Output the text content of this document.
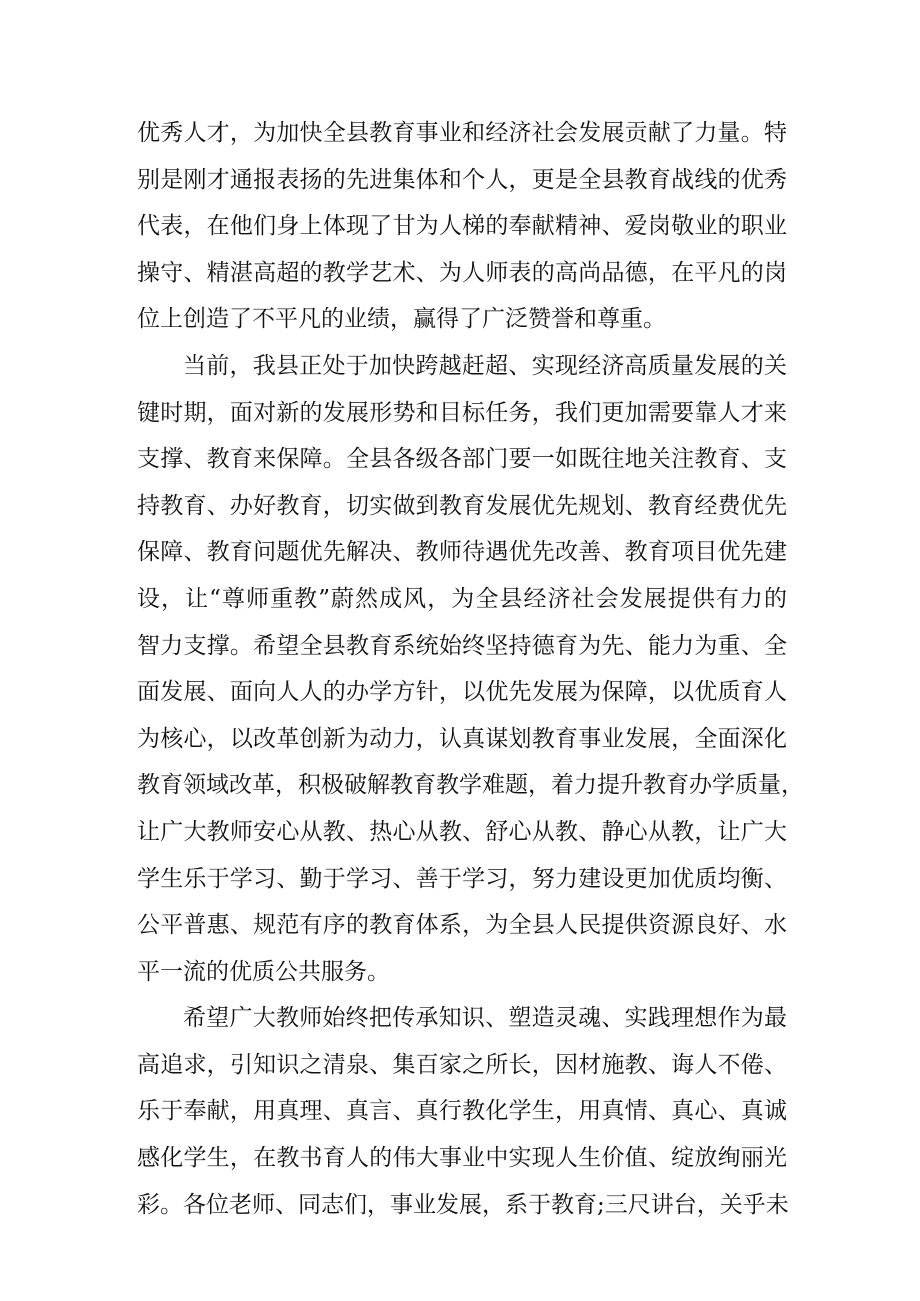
优秀人才，为加快全县教育事业和经济社会发展贡献了力量。特
别是刚才通报表扬的先进集体和个人，更是全县教育战线的优秀
代表，在他们身上体现了甘为人梯的奉献精神、爱岗敬业的职业
操守、精湛高超的教学艺术、为人师表的高尚品德，在平凡的岗
位上创造了不平凡的业绩，赢得了广泛赞誉和尊重。
当前，我县正处于加快跨越赶超、实现经济高质量发展的关
键时期，面对新的发展形势和目标任务，我们更加需要靠人才来
支撑、教育来保障。全县各级各部门要一如既往地关注教育、支
持教育、办好教育，切实做到教育发展优先规划、教育经费优先
保障、教育问题优先解决、教师待遇优先改善、教育项目优先建
设，让“尊师重教”蔚然成风，为全县经济社会发展提供有力的
智力支撑。希望全县教育系统始终坚持德育为先、能力为重、全
面发展、面向人人的办学方针，以优先发展为保障，以优质育人
为核心，以改革创新为动力，认真谋划教育事业发展，全面深化
教育领域改革，积极破解教育教学难题，着力提升教育办学质量，
让广大教师安心从教、热心从教、舒心从教、静心从教，让广大
学生乐于学习、勤于学习、善于学习，努力建设更加优质均衡、
公平普惠、规范有序的教育体系，为全县人民提供资源良好、水
平一流的优质公共服务。
希望广大教师始终把传承知识、塑造灵魂、实践理想作为最
高追求，引知识之清泉、集百家之所长，因材施教、诲人不倦、
乐于奉献，用真理、真言、真行教化学生，用真情、真心、真诚
感化学生，在教书育人的伟大事业中实现人生价值、绽放绚丽光
彩。各位老师、同志们，事业发展，系于教育;三尺讲台，关乎未
